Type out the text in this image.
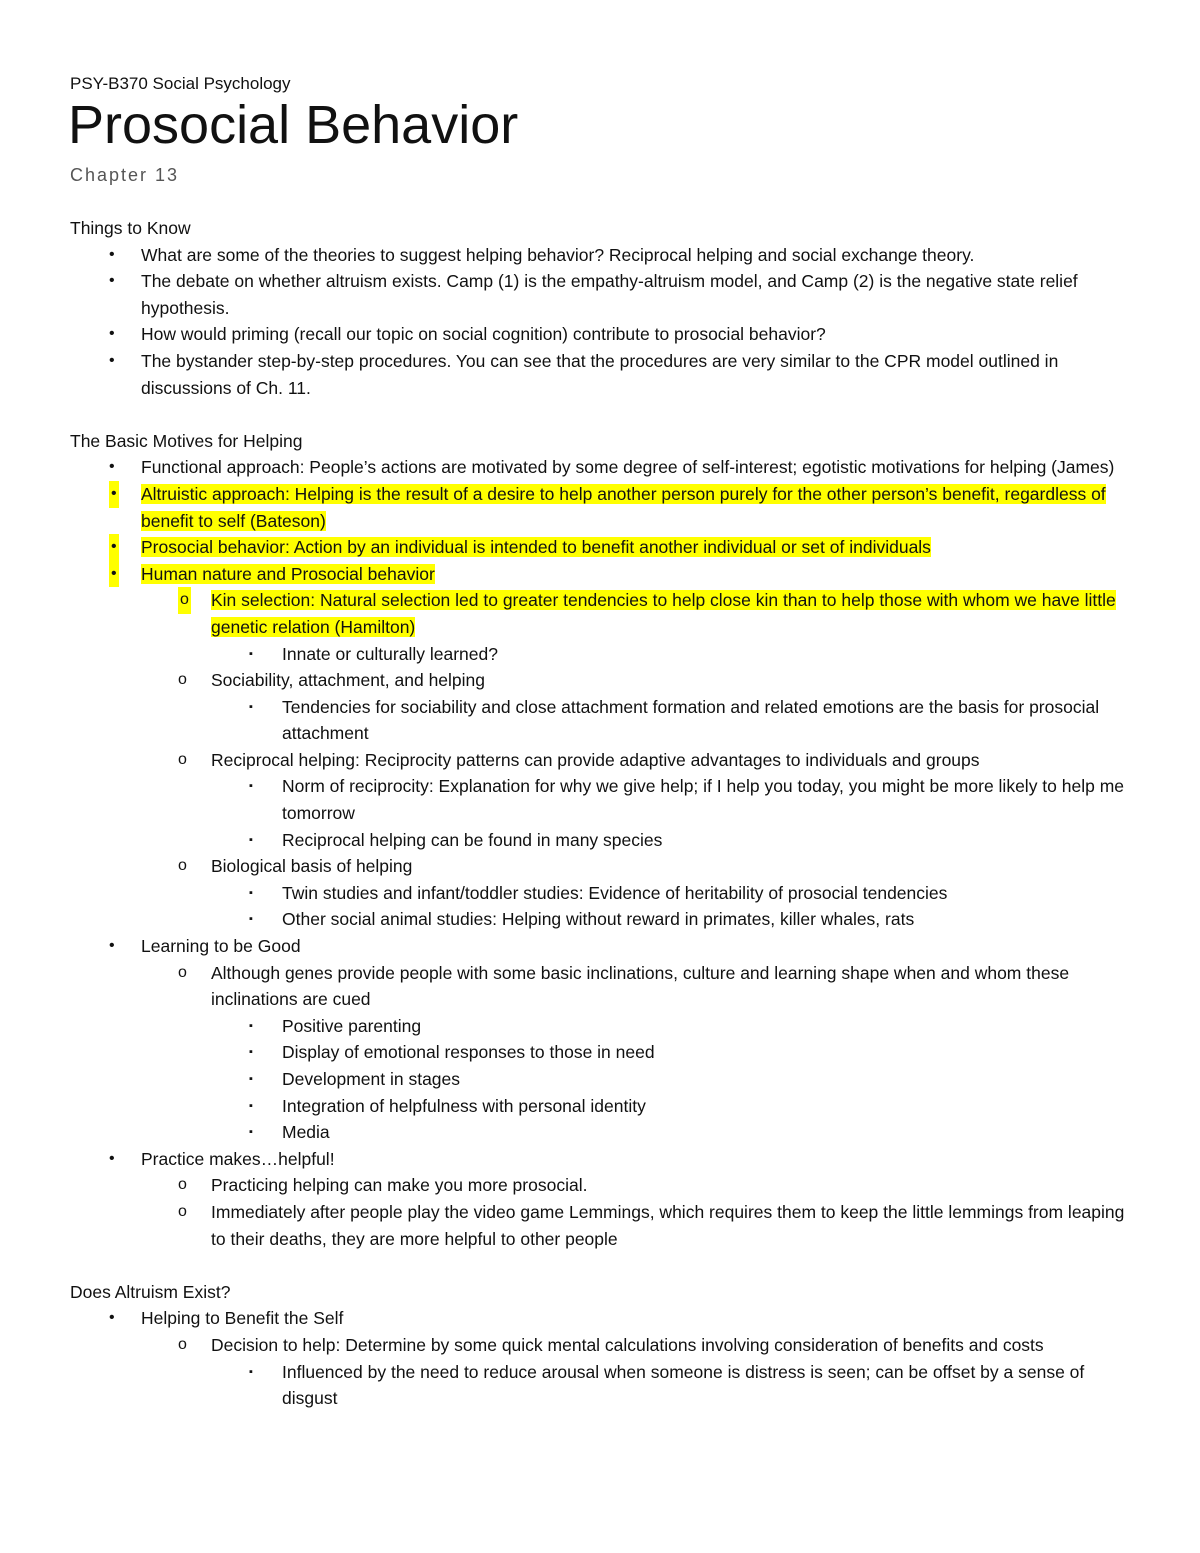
PSY-B370 Social Psychology
Prosocial Behavior
Chapter 13
Things to Know
• What are some of the theories to suggest helping behavior? Reciprocal helping and social exchange theory.
• The debate on whether altruism exists. Camp (1) is the empathy-altruism model, and Camp (2) is the negative state relief hypothesis.
• How would priming (recall our topic on social cognition) contribute to prosocial behavior?
• The bystander step-by-step procedures. You can see that the procedures are very similar to the CPR model outlined in discussions of Ch. 11.
The Basic Motives for Helping
• Functional approach: People’s actions are motivated by some degree of self-interest; egotistic motivations for helping (James)
• Altruistic approach: Helping is the result of a desire to help another person purely for the other person’s benefit, regardless of benefit to self (Bateson)
• Prosocial behavior: Action by an individual is intended to benefit another individual or set of individuals
• Human nature and Prosocial behavior
o Kin selection: Natural selection led to greater tendencies to help close kin than to help those with whom we have little genetic relation (Hamilton)
▪ Innate or culturally learned?
o Sociability, attachment, and helping
▪ Tendencies for sociability and close attachment formation and related emotions are the basis for prosocial attachment
o Reciprocal helping: Reciprocity patterns can provide adaptive advantages to individuals and groups
▪ Norm of reciprocity: Explanation for why we give help; if I help you today, you might be more likely to help me tomorrow
▪ Reciprocal helping can be found in many species
o Biological basis of helping
▪ Twin studies and infant/toddler studies: Evidence of heritability of prosocial tendencies
▪ Other social animal studies: Helping without reward in primates, killer whales, rats
• Learning to be Good
o Although genes provide people with some basic inclinations, culture and learning shape when and whom these inclinations are cued
▪ Positive parenting
▪ Display of emotional responses to those in need
▪ Development in stages
▪ Integration of helpfulness with personal identity
▪ Media
• Practice makes…helpful!
o Practicing helping can make you more prosocial.
o Immediately after people play the video game Lemmings, which requires them to keep the little lemmings from leaping to their deaths, they are more helpful to other people
Does Altruism Exist?
• Helping to Benefit the Self
o Decision to help: Determine by some quick mental calculations involving consideration of benefits and costs
▪ Influenced by the need to reduce arousal when someone is distress is seen; can be offset by a sense of disgust
